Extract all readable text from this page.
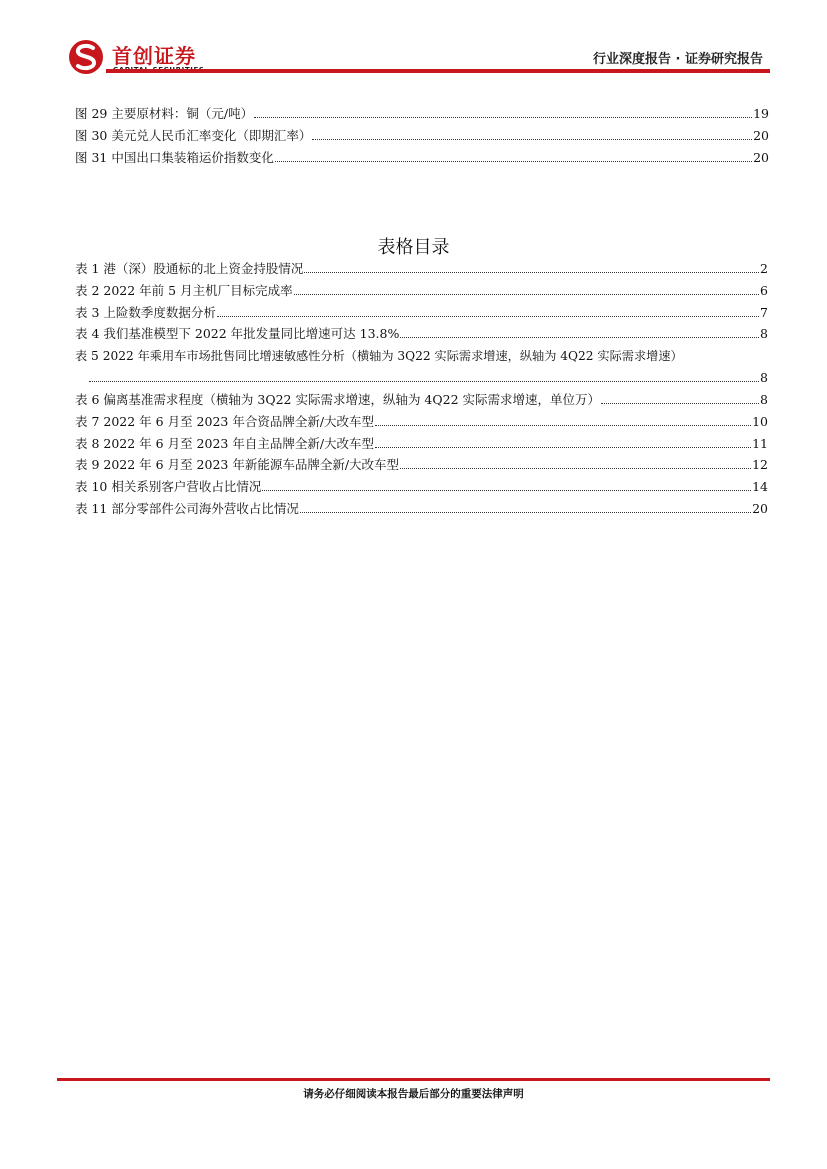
首创证券	行业深度报告 · 证券研究报告
图 29 主要原材料：铜（元/吨）	19
图 30 美元兑人民币汇率变化（即期汇率）	20
图 31 中国出口集装箱运价指数变化	20
表格目录
表 1 港（深）股通标的北上资金持股情况	2
表 2 2022 年前 5 月主机厂目标完成率	6
表 3 上险数季度数据分析	7
表 4 我们基准模型下 2022 年批发量同比增速可达 13.8%	8
表 5 2022 年乘用车市场批售同比增速敏感性分析（横轴为 3Q22 实际需求增速，纵轴为 4Q22 实际需求增速）
8
表 6 偏离基准需求程度（横轴为 3Q22 实际需求增速，纵轴为 4Q22 实际需求增速，单位万）	8
表 7 2022 年 6 月至 2023 年合资品牌全新/大改车型	10
表 8 2022 年 6 月至 2023 年自主品牌全新/大改车型	11
表 9 2022 年 6 月至 2023 年新能源车品牌全新/大改车型	12
表 10 相关系别客户营收占比情况	14
表 11 部分零部件公司海外营收占比情况	20
请务必仔细阅读本报告最后部分的重要法律声明
